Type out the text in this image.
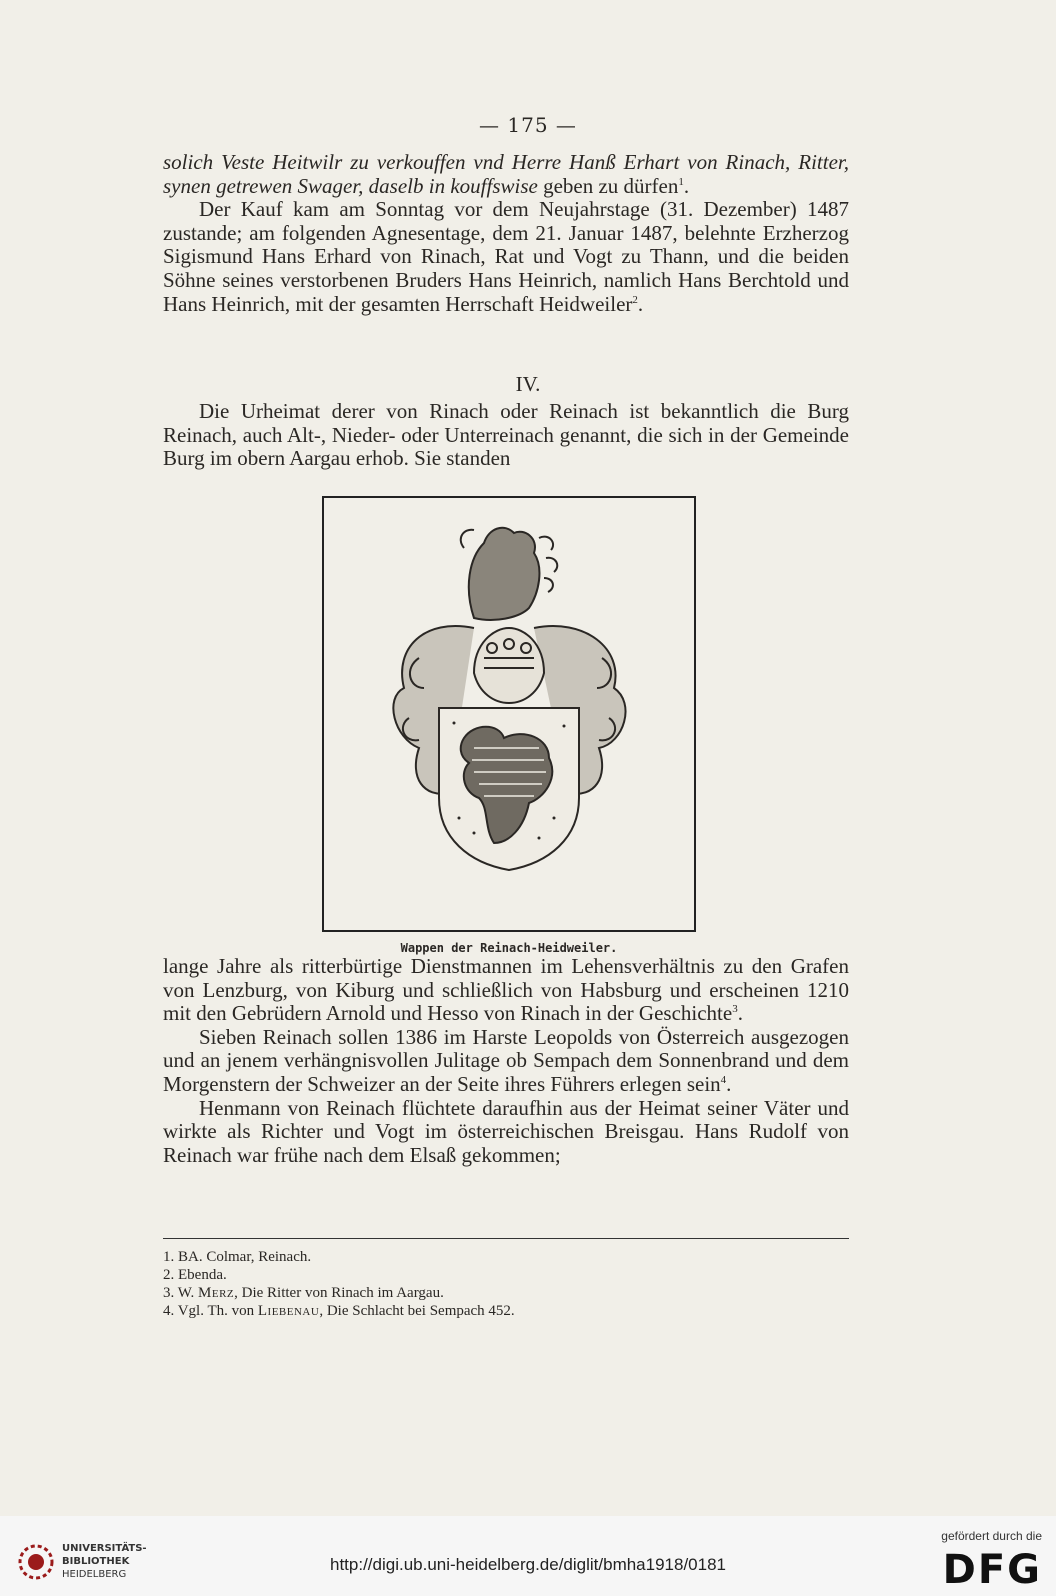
— 175 —

solich Veste Heitwilr zu verkouffen vnd Herre Hanß Erhart von Rinach, Ritter, synen getrewen Swager, daselb in kouffswise geben zu dürfen$^1$.

Der Kauf kam am Sonntag vor dem Neujahrstage (31. Dezember) 1487 zustande; am folgenden Agnesentage, dem 21. Januar 1487, belehnte Erzherzog Sigismund Hans Erhard von Rinach, Rat und Vogt zu Thann, und die beiden Söhne seines verstorbenen Bruders Hans Heinrich, namlich Hans Berchtold und Hans Heinrich, mit der gesamten Herrschaft Heidweiler$^2$.

IV.

Die Urheimat derer von Rinach oder Reinach ist bekanntlich die Burg Reinach, auch Alt-, Nieder- oder Unterreinach genannt, die sich in der Gemeinde Burg im obern Aargau erhob. Sie standen

Wappen der Reinach-Heidweiler.

lange Jahre als ritterbürtige Dienstmannen im Lehensverhältnis zu den Grafen von Lenzburg, von Kiburg und schließlich von Habsburg und erscheinen 1210 mit den Gebrüdern Arnold und Hesso von Rinach in der Geschichte$^3$.

Sieben Reinach sollen 1386 im Harste Leopolds von Österreich ausgezogen und an jenem verhängnisvollen Julitage ob Sempach dem Sonnenbrand und dem Morgenstern der Schweizer an der Seite ihres Führers erlegen sein$^4$.

Henmann von Reinach flüchtete daraufhin aus der Heimat seiner Väter und wirkte als Richter und Vogt im österreichischen Breisgau. Hans Rudolf von Reinach war frühe nach dem Elsaß gekommen;

1. BA. Colmar, Reinach.
2. Ebenda.
3. W. Merz, Die Ritter von Rinach im Aargau.
4. Vgl. Th. von Liebenau, Die Schlacht bei Sempach 452.
UNIVERSITÄTS-
BIBLIOTHEK
HEIDELBERG
http://digi.ub.uni-heidelberg.de/diglit/bmha1918/0181
gefördert durch die
DFG
